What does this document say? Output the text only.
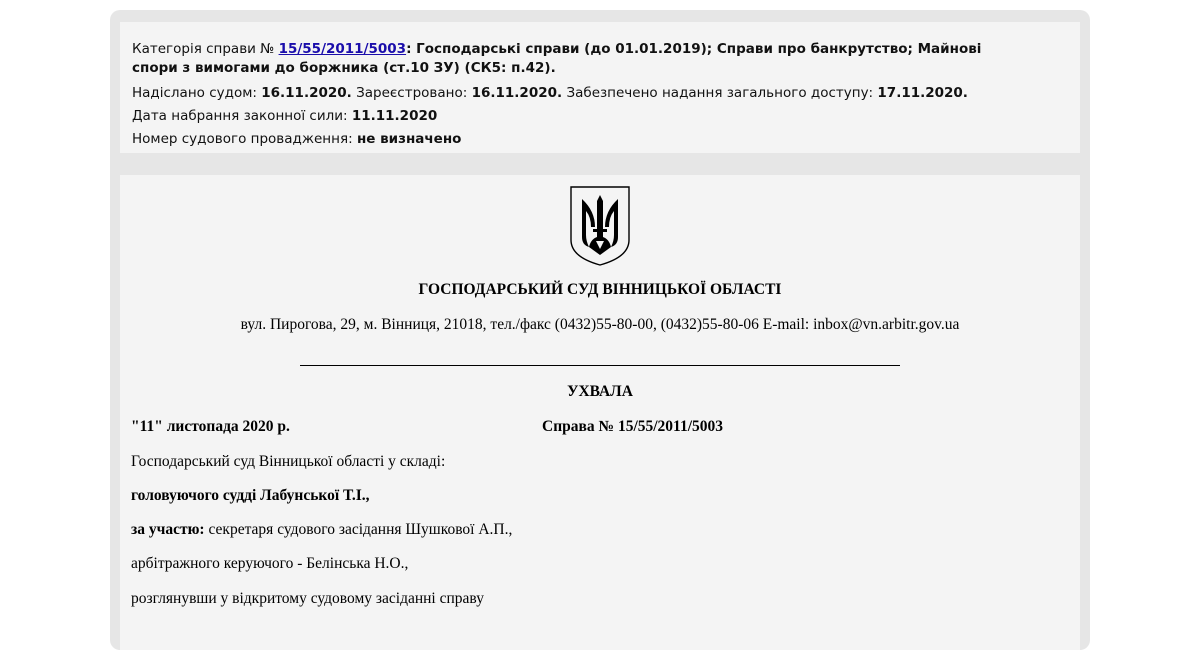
Категорія справи № 15/55/2011/5003: Господарські справи (до 01.01.2019); Справи про банкрутство; Майнові спори з вимогами до боржника (ст.10 ЗУ) (СК5: п.42).
Надіслано судом: 16.11.2020. Зареєстровано: 16.11.2020. Забезпечено надання загального доступу: 17.11.2020.
Дата набрання законної сили: 11.11.2020
Номер судового провадження: не визначено
ГОСПОДАРСЬКИЙ СУД ВІННИЦЬКОЇ ОБЛАСТІ
вул. Пирогова, 29, м. Вінниця, 21018, тел./факс (0432)55-80-00, (0432)55-80-06 E-mail: inbox@vn.arbitr.gov.ua
УХВАЛА
"11" листопада 2020 р.	Справа № 15/55/2011/5003
Господарський суд Вінницької області у складі:
головуючого судді Лабунської Т.І.,
за участю: секретаря судового засідання Шушкової А.П.,
арбітражного керуючого - Белінська Н.О.,
розглянувши у відкритому судовому засіданні справу
